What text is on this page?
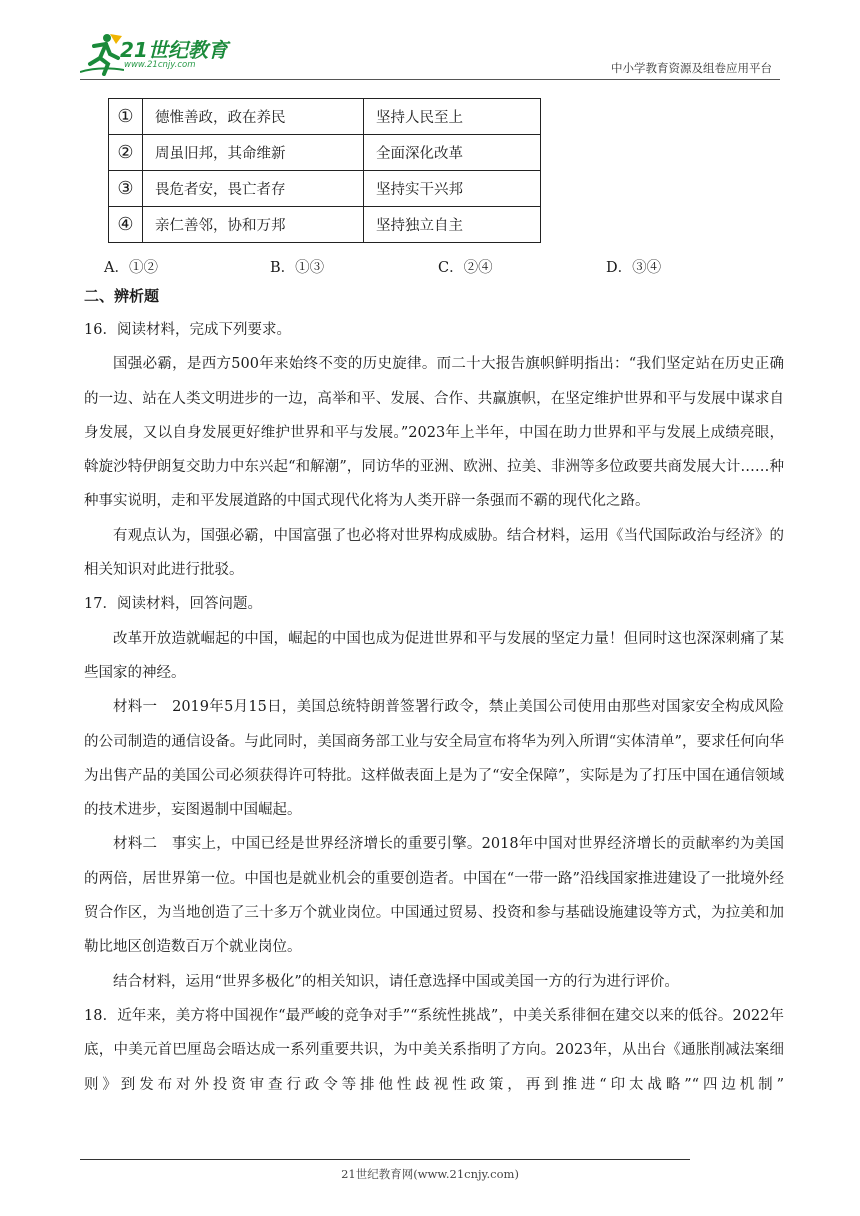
21世纪教育
www.21cnjy.com	中小学教育资源及组卷应用平台
①	德惟善政，政在养民	坚持人民至上
②	周虽旧邦，其命维新	全面深化改革
③	畏危者安，畏亡者存	坚持实干兴邦
④	亲仁善邻，协和万邦	坚持独立自主
A．①②	B．①③	C．②④	D．③④
二、辨析题

16．阅读材料，完成下列要求。

国强必霸，是西方500年来始终不变的历史旋律。而二十大报告旗帜鲜明指出：“我们坚定站在历史正确的一边、站在人类文明进步的一边，高举和平、发展、合作、共赢旗帜，在坚定维护世界和平与发展中谋求自身发展，又以自身发展更好维护世界和平与发展。”2023年上半年，中国在助力世界和平与发展上成绩亮眼，斡旋沙特伊朗复交助力中东兴起“和解潮”，同访华的亚洲、欧洲、拉美、非洲等多位政要共商发展大计……种种事实说明，走和平发展道路的中国式现代化将为人类开辟一条强而不霸的现代化之路。

有观点认为，国强必霸，中国富强了也必将对世界构成威胁。结合材料，运用《当代国际政治与经济》的相关知识对此进行批驳。

17．阅读材料，回答问题。

改革开放造就崛起的中国，崛起的中国也成为促进世界和平与发展的坚定力量！但同时这也深深刺痛了某些国家的神经。

材料一　2019年5月15日，美国总统特朗普签署行政令，禁止美国公司使用由那些对国家安全构成风险的公司制造的通信设备。与此同时，美国商务部工业与安全局宣布将华为列入所谓“实体清单”，要求任何向华为出售产品的美国公司必须获得许可特批。这样做表面上是为了“安全保障”，实际是为了打压中国在通信领域的技术进步，妄图遏制中国崛起。

材料二　事实上，中国已经是世界经济增长的重要引擎。2018年中国对世界经济增长的贡献率约为美国的两倍，居世界第一位。中国也是就业机会的重要创造者。中国在“一带一路”沿线国家推进建设了一批境外经贸合作区，为当地创造了三十多万个就业岗位。中国通过贸易、投资和参与基础设施建设等方式，为拉美和加勒比地区创造数百万个就业岗位。

结合材料，运用“世界多极化”的相关知识，请任意选择中国或美国一方的行为进行评价。

18．近年来，美方将中国视作“最严峻的竞争对手”“系统性挑战”，中美关系徘徊在建交以来的低谷。2022年底，中美元首巴厘岛会晤达成一系列重要共识，为中美关系指明了方向。2023年，从出台《通胀削减法案细则》到发布对外投资审查行政令等排他性歧视性政策，再到推进“印太战略”“四边机制”

21世纪教育网(www.21cnjy.com)
